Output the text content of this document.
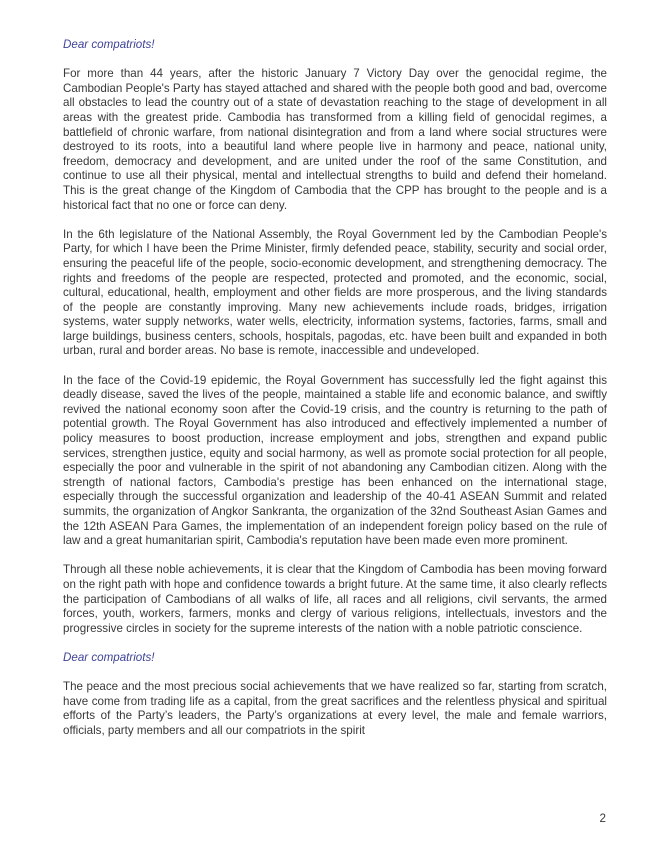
Dear compatriots!

For more than 44 years, after the historic January 7 Victory Day over the genocidal regime, the Cambodian People's Party has stayed attached and shared with the people both good and bad, overcome all obstacles to lead the country out of a state of devastation reaching to the stage of development in all areas with the greatest pride. Cambodia has transformed from a killing field of genocidal regimes, a battlefield of chronic warfare, from national disintegration and from a land where social structures were destroyed to its roots, into a beautiful land where people live in harmony and peace, national unity, freedom, democracy and development, and are united under the roof of the same Constitution, and continue to use all their physical, mental and intellectual strengths to build and defend their homeland. This is the great change of the Kingdom of Cambodia that the CPP has brought to the people and is a historical fact that no one or force can deny.

In the 6th legislature of the National Assembly, the Royal Government led by the Cambodian People's Party, for which I have been the Prime Minister, firmly defended peace, stability, security and social order, ensuring the peaceful life of the people, socio-economic development, and strengthening democracy. The rights and freedoms of the people are respected, protected and promoted, and the economic, social, cultural, educational, health, employment and other fields are more prosperous, and the living standards of the people are constantly improving. Many new achievements include roads, bridges, irrigation systems, water supply networks, water wells, electricity, information systems, factories, farms, small and large buildings, business centers, schools, hospitals, pagodas, etc. have been built and expanded in both urban, rural and border areas. No base is remote, inaccessible and undeveloped.

In the face of the Covid-19 epidemic, the Royal Government has successfully led the fight against this deadly disease, saved the lives of the people, maintained a stable life and economic balance, and swiftly revived the national economy soon after the Covid-19 crisis, and the country is returning to the path of potential growth. The Royal Government has also introduced and effectively implemented a number of policy measures to boost production, increase employment and jobs, strengthen and expand public services, strengthen justice, equity and social harmony, as well as promote social protection for all people, especially the poor and vulnerable in the spirit of not abandoning any Cambodian citizen. Along with the strength of national factors, Cambodia's prestige has been enhanced on the international stage, especially through the successful organization and leadership of the 40-41 ASEAN Summit and related summits, the organization of Angkor Sankranta, the organization of the 32nd Southeast Asian Games and the 12th ASEAN Para Games, the implementation of an independent foreign policy based on the rule of law and a great humanitarian spirit, Cambodia's reputation have been made even more prominent.

Through all these noble achievements, it is clear that the Kingdom of Cambodia has been moving forward on the right path with hope and confidence towards a bright future. At the same time, it also clearly reflects the participation of Cambodians of all walks of life, all races and all religions, civil servants, the armed forces, youth, workers, farmers, monks and clergy of various religions, intellectuals, investors and the progressive circles in society for the supreme interests of the nation with a noble patriotic conscience.

Dear compatriots!

The peace and the most precious social achievements that we have realized so far, starting from scratch, have come from trading life as a capital, from the great sacrifices and the relentless physical and spiritual efforts of the Party’s leaders, the Party’s organizations at every level, the male and female warriors, officials, party members and all our compatriots in the spirit

2
